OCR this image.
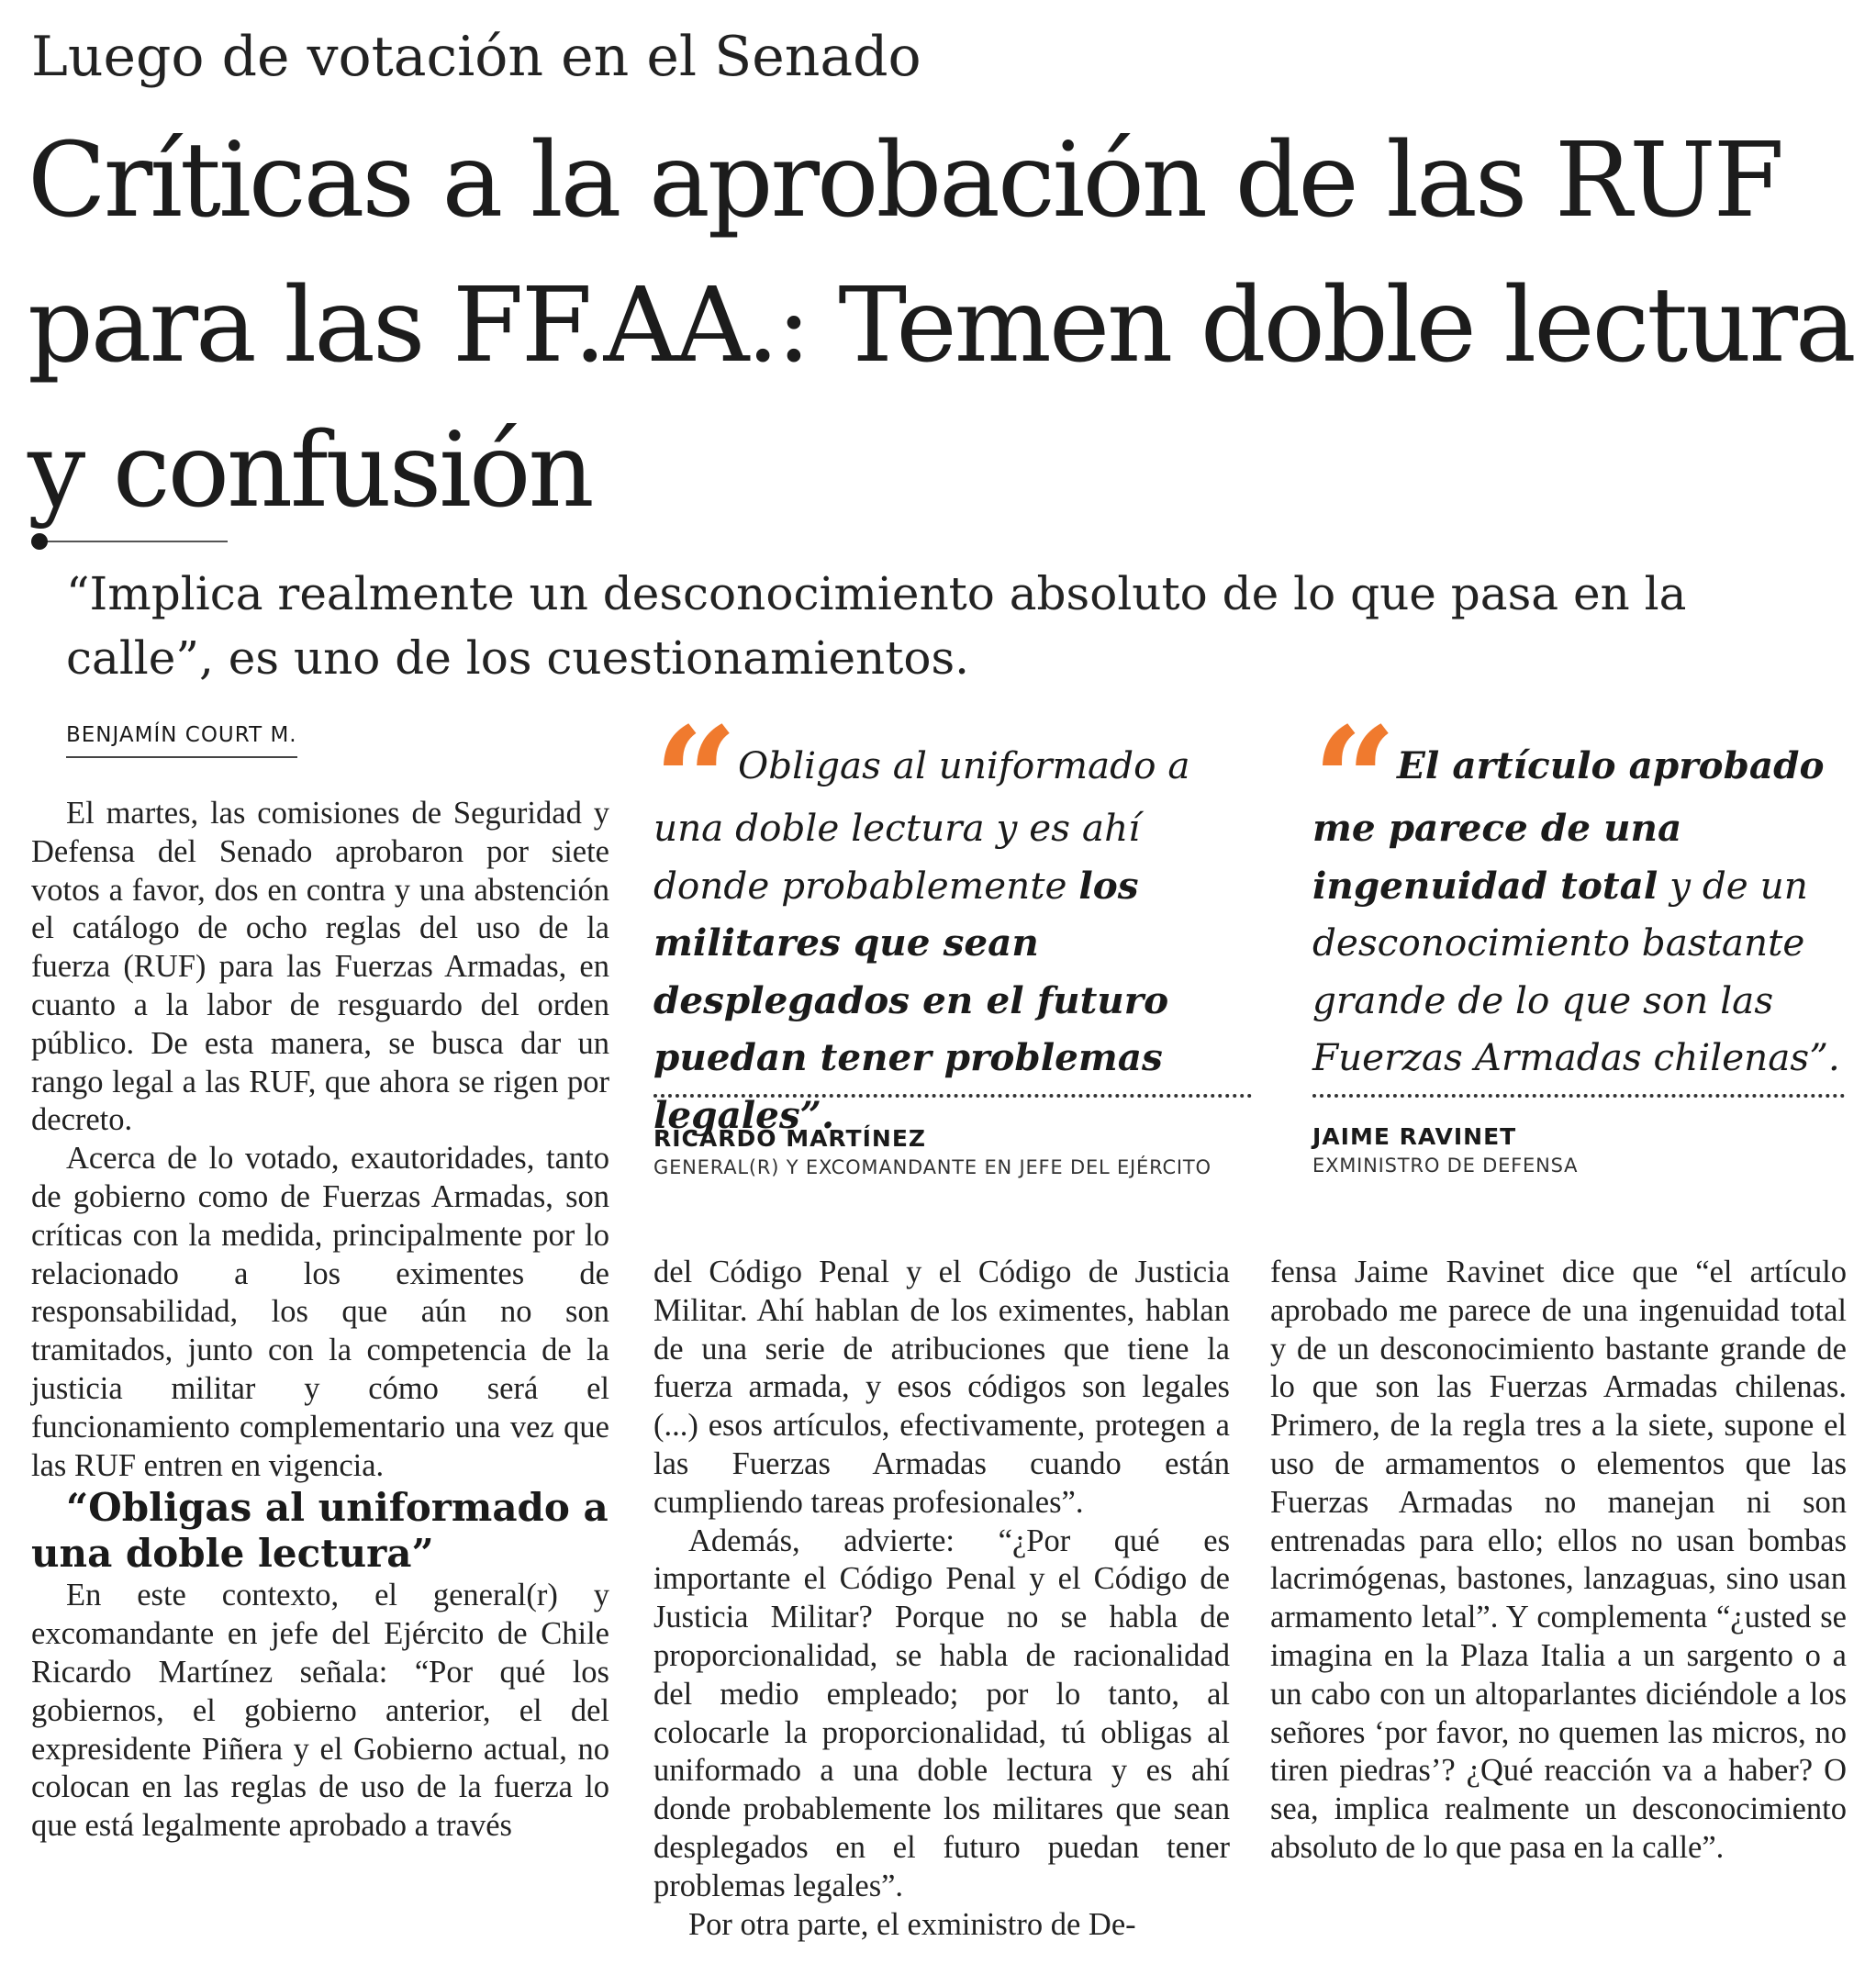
Luego de votación en el Senado
Críticas a la aprobación de las RUF para las FF.AA.: Temen doble lectura y confusión
“Implica realmente un desconocimiento absoluto de lo que pasa en la calle”, es uno de los cuestionamientos.
BENJAMÍN COURT M.

El martes, las comisiones de Seguridad y Defensa del Senado aprobaron por siete votos a favor, dos en contra y una abstención el catálogo de ocho reglas del uso de la fuerza (RUF) para las Fuerzas Armadas, en cuanto a la labor de resguardo del orden público. De esta manera, se busca dar un rango legal a las RUF, que ahora se rigen por decreto.

Acerca de lo votado, exautoridades, tanto de gobierno como de Fuerzas Armadas, son críticas con la medida, principalmente por lo relacionado a los eximentes de responsabilidad, los que aún no son tramitados, junto con la competencia de la justicia militar y cómo será el funcionamiento complementario una vez que las RUF entren en vigencia.

“Obligas al uniformado a una doble lectura”

En este contexto, el general(r) y excomandante en jefe del Ejército de Chile Ricardo Martínez señala: “Por qué los gobiernos, el gobierno anterior, el del expresidente Piñera y el Gobierno actual, no colocan en las reglas de uso de la fuerza lo que está legalmente aprobado a través

“ Obligas al uniformado a una doble lectura y es ahí donde probablemente los militares que sean desplegados en el futuro puedan tener problemas legales”.
RICARDO MARTÍNEZ
GENERAL(R) Y EXCOMANDANTE EN JEFE DEL EJÉRCITO
“ El artículo aprobado me parece de una ingenuidad total y de un desconocimiento bastante grande de lo que son las Fuerzas Armadas chilenas”.
JAIME RAVINET
EXMINISTRO DE DEFENSA

del Código Penal y el Código de Justicia Militar. Ahí hablan de los eximentes, hablan de una serie de atribuciones que tiene la fuerza armada, y esos códigos son legales (...) esos artículos, efectivamente, protegen a las Fuerzas Armadas cuando están cumpliendo tareas profesionales”.

Además, advierte: “¿Por qué es importante el Código Penal y el Código de Justicia Militar? Porque no se habla de proporcionalidad, se habla de racionalidad del medio empleado; por lo tanto, al colocarle la proporcionalidad, tú obligas al uniformado a una doble lectura y es ahí donde probablemente los militares que sean desplegados en el futuro puedan tener problemas legales”.

Por otra parte, el exministro de De-

fensa Jaime Ravinet dice que “el artículo aprobado me parece de una ingenuidad total y de un desconocimiento bastante grande de lo que son las Fuerzas Armadas chilenas. Primero, de la regla tres a la siete, supone el uso de armamentos o elementos que las Fuerzas Armadas no manejan ni son entrenadas para ello; ellos no usan bombas lacrimógenas, bastones, lanzaguas, sino usan armamento letal”. Y complementa “¿usted se imagina en la Plaza Italia a un sargento o a un cabo con un altoparlantes diciéndole a los señores ‘por favor, no quemen las micros, no tiren piedras’? ¿Qué reacción va a haber? O sea, implica realmente un desconocimiento absoluto de lo que pasa en la calle”.
